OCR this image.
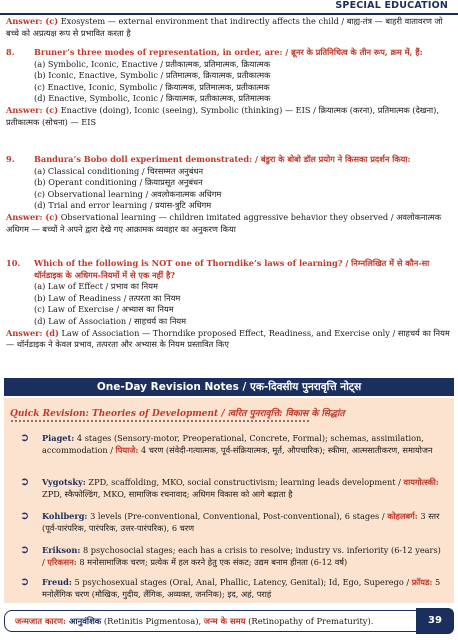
SPECIAL EDUCATION
Answer: (c) Exosystem — external environment that indirectly affects the child / बाह्य-तंत्र — बाहरी वातावरण जो बच्चे को अप्रत्यक्ष रूप से प्रभावित करता है
8.	Bruner’s three modes of representation, in order, are: / ब्रूनर के प्रतिनिधित्व के तीन रूप, क्रम में, हैं:
(a) Symbolic, Iconic, Enactive / प्रतीकात्मक, प्रतिमात्मक, क्रियात्मक
(b) Iconic, Enactive, Symbolic / प्रतिमात्मक, क्रियात्मक, प्रतीकात्मक
(c) Enactive, Iconic, Symbolic / क्रियात्मक, प्रतिमात्मक, प्रतीकात्मक
(d) Enactive, Symbolic, Iconic / क्रियात्मक, प्रतीकात्मक, प्रतिमात्मक
Answer: (c) Enactive (doing), Iconic (seeing), Symbolic (thinking) — EIS / क्रियात्मक (करना), प्रतिमात्मक (देखना), प्रतीकात्मक (सोचना) — EIS
9.	Bandura’s Bobo doll experiment demonstrated: / बंडुरा के बोबो डॉल प्रयोग ने किसका प्रदर्शन किया:
(a) Classical conditioning / चिरसम्मत अनुबंधन
(b) Operant conditioning / क्रियाप्रसूत अनुबंधन
(c) Observational learning / अवलोकनात्मक अधिगम
(d) Trial and error learning / प्रयास-त्रुटि अधिगम
Answer: (c) Observational learning — children imitated aggressive behavior they observed / अवलोकनात्मक अधिगम — बच्चों ने अपने द्वारा देखे गए आक्रामक व्यवहार का अनुकरण किया
10.	Which of the following is NOT one of Thorndike’s laws of learning? / निम्नलिखित में से कौन-सा थॉर्नडाइक के अधिगम-नियमों में से एक नहीं है?
(a) Law of Effect / प्रभाव का नियम
(b) Law of Readiness / तत्परता का नियम
(c) Law of Exercise / अभ्यास का नियम
(d) Law of Association / साहचर्य का नियम
Answer: (d) Law of Association — Thorndike proposed Effect, Readiness, and Exercise only / साहचर्य का नियम — थॉर्नडाइक ने केवल प्रभाव, तत्परता और अभ्यास के नियम प्रस्तावित किए
One-Day Revision Notes / एक-दिवसीय पुनरावृत्ति नोट्स
Quick Revision: Theories of Development / त्वरित पुनरावृत्ति: विकास के सिद्धांत
➲	Piaget: 4 stages (Sensory-motor, Preoperational, Concrete, Formal); schemas, assimilation, accommodation / पियाजे: 4 चरण (संवेदी-गत्यात्मक, पूर्व-संक्रियात्मक, मूर्त, औपचारिक); स्कीमा, आत्मसातीकरण, समायोजन
➲	Vygotsky: ZPD, scaffolding, MKO, social constructivism; learning leads development / वायगोत्स्की: ZPD, स्कैफोल्डिंग, MKO, सामाजिक रचनावाद; अधिगम विकास को आगे बढ़ाता है
➲	Kohlberg: 3 levels (Pre-conventional, Conventional, Post-conventional), 6 stages / कोहलबर्ग: 3 स्तर (पूर्व-पारंपरिक, पारंपरिक, उत्तर-पारंपरिक), 6 चरण
➲	Erikson: 8 psychosocial stages; each has a crisis to resolve; industry vs. inferiority (6-12 years) / एरिकसन: 8 मनोसामाजिक चरण; प्रत्येक में हल करने हेतु एक संकट; उद्यम बनाम हीनता (6-12 वर्ष)
➲	Freud: 5 psychosexual stages (Oral, Anal, Phallic, Latency, Genital); Id, Ego, Superego / फ्रॉयड: 5 मनोलैंगिक चरण (मौखिक, गुदीय, लैंगिक, अव्यक्त, जननिक); इद, अहं, पराहं
जन्मजात कारण: आनुवंशिक (Retinitis Pigmentosa), जन्म के समय (Retinopathy of Prematurity).	39
